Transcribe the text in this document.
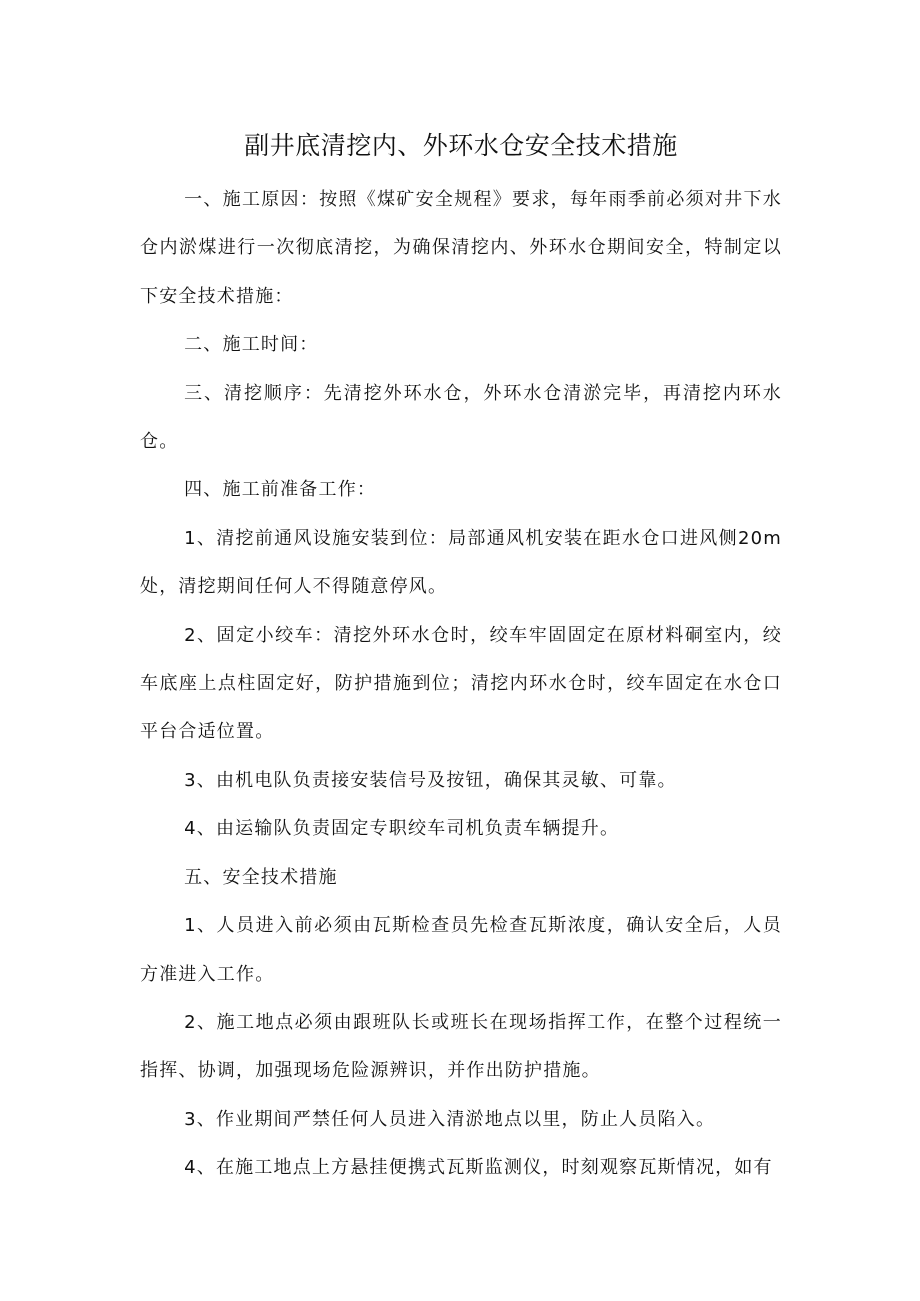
副井底清挖内、外环水仓安全技术措施

一、施工原因：按照《煤矿安全规程》要求，每年雨季前必须对井下水仓内淤煤进行一次彻底清挖，为确保清挖内、外环水仓期间安全，特制定以下安全技术措施：

二、施工时间：

三、清挖顺序：先清挖外环水仓，外环水仓清淤完毕，再清挖内环水仓。

四、施工前准备工作：

1、清挖前通风设施安装到位：局部通风机安装在距水仓口进风侧20m处，清挖期间任何人不得随意停风。

2、固定小绞车：清挖外环水仓时，绞车牢固固定在原材料硐室内，绞车底座上点柱固定好，防护措施到位；清挖内环水仓时，绞车固定在水仓口平台合适位置。

3、由机电队负责接安装信号及按钮，确保其灵敏、可靠。

4、由运输队负责固定专职绞车司机负责车辆提升。

五、安全技术措施

1、人员进入前必须由瓦斯检查员先检查瓦斯浓度，确认安全后，人员方准进入工作。

2、施工地点必须由跟班队长或班长在现场指挥工作，在整个过程统一指挥、协调，加强现场危险源辨识，并作出防护措施。

3、作业期间严禁任何人员进入清淤地点以里，防止人员陷入。

4、在施工地点上方悬挂便携式瓦斯监测仪，时刻观察瓦斯情况，如有
